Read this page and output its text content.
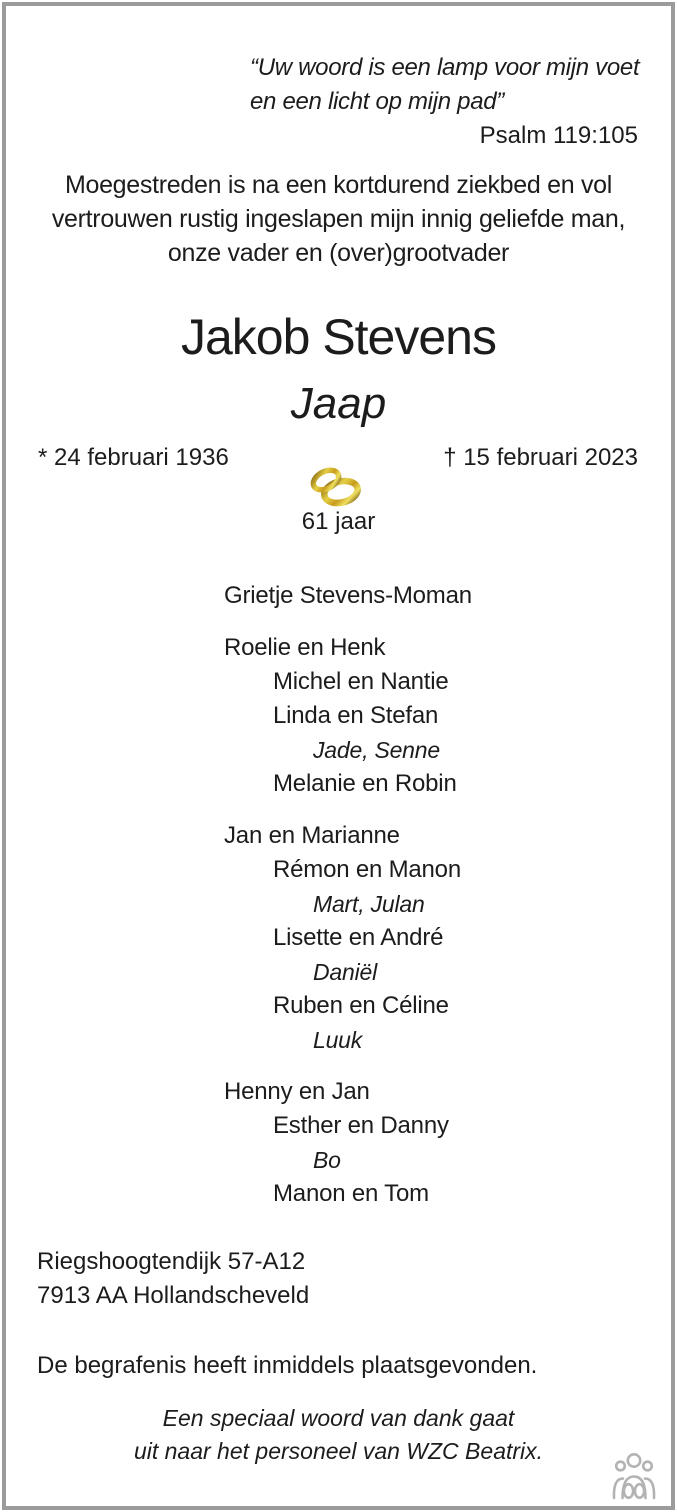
“Uw woord is een lamp voor mijn voet
en een licht op mijn pad”
Psalm 119:105
Moegestreden is na een kortdurend ziekbed en vol
vertrouwen rustig ingeslapen mijn innig geliefde man,
onze vader en (over)grootvader
Jakob Stevens
Jaap
* 24 februari 1936	† 15 februari 2023
61 jaar
Grietje Stevens-Moman
Roelie en Henk
Michel en Nantie
Linda en Stefan
Jade, Senne
Melanie en Robin
Jan en Marianne
Rémon en Manon
Mart, Julan
Lisette en André
Daniël
Ruben en Céline
Luuk
Henny en Jan
Esther en Danny
Bo
Manon en Tom
Riegshoogtendijk 57-A12
7913 AA Hollandscheveld
De begrafenis heeft inmiddels plaatsgevonden.
Een speciaal woord van dank gaat
uit naar het personeel van WZC Beatrix.
